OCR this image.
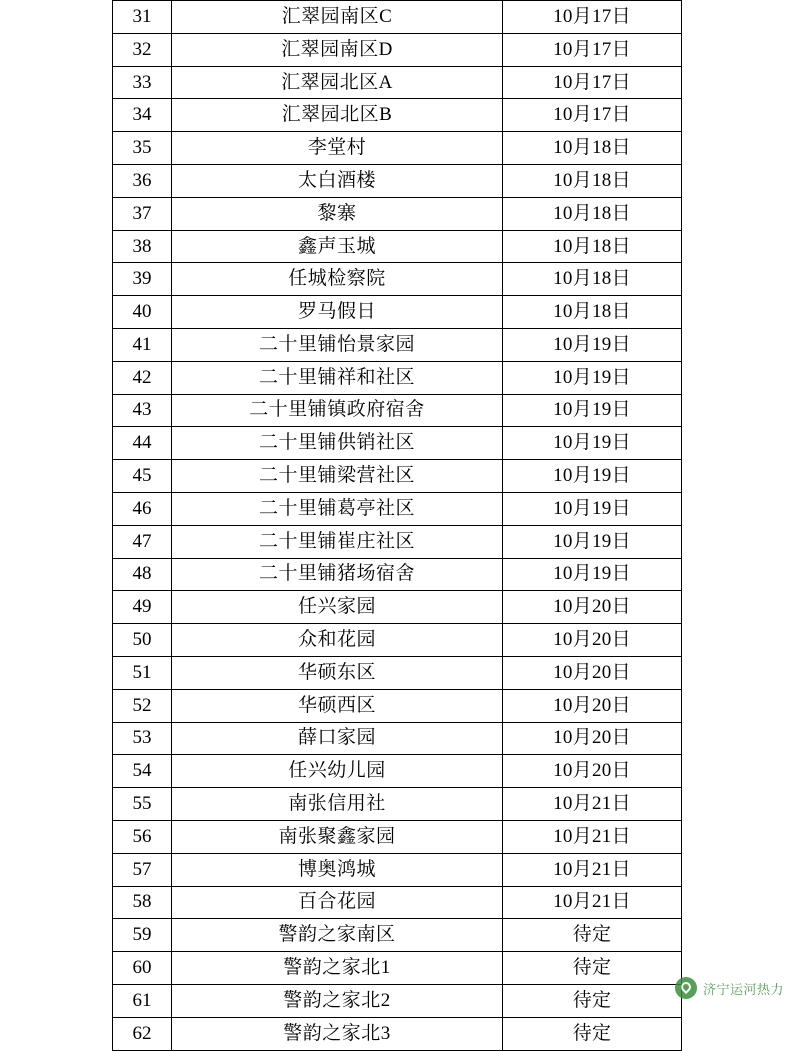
31	汇翠园南区C	10月17日
32	汇翠园南区D	10月17日
33	汇翠园北区A	10月17日
34	汇翠园北区B	10月17日
35	李堂村	10月18日
36	太白酒楼	10月18日
37	黎寨	10月18日
38	鑫声玉城	10月18日
39	任城检察院	10月18日
40	罗马假日	10月18日
41	二十里铺怡景家园	10月19日
42	二十里铺祥和社区	10月19日
43	二十里铺镇政府宿舍	10月19日
44	二十里铺供销社区	10月19日
45	二十里铺梁营社区	10月19日
46	二十里铺葛亭社区	10月19日
47	二十里铺崔庄社区	10月19日
48	二十里铺猪场宿舍	10月19日
49	任兴家园	10月20日
50	众和花园	10月20日
51	华硕东区	10月20日
52	华硕西区	10月20日
53	薛口家园	10月20日
54	任兴幼儿园	10月20日
55	南张信用社	10月21日
56	南张聚鑫家园	10月21日
57	博奥鸿城	10月21日
58	百合花园	10月21日
59	警韵之家南区	待定
60	警韵之家北1	待定
61	警韵之家北2	待定
62	警韵之家北3	待定
济宁运河热力
